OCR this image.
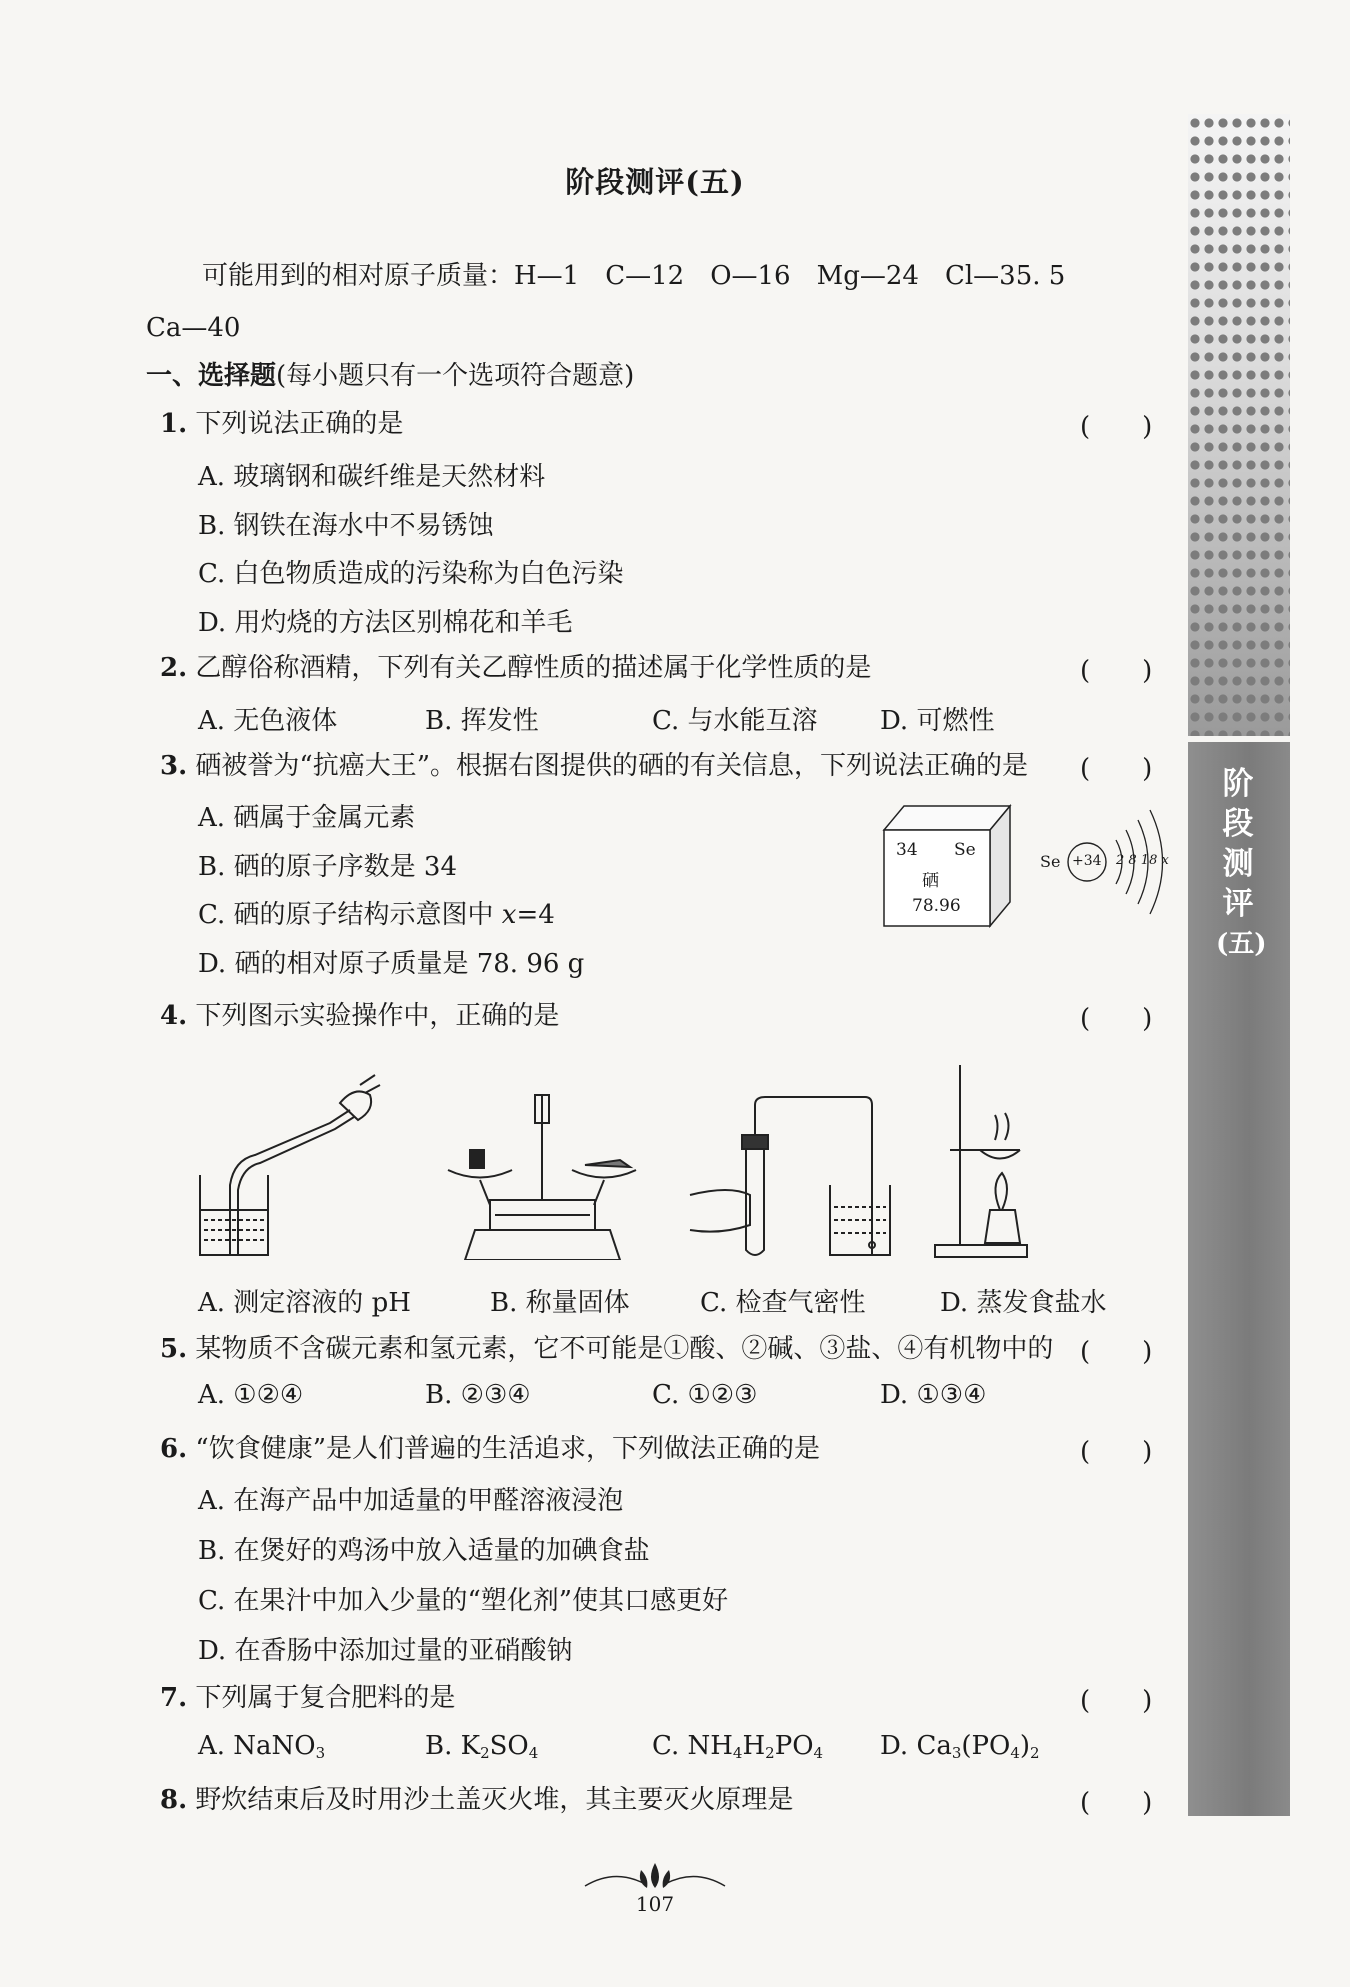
阶段测评(五)
可能用到的相对原子质量：H—1　C—12　O—16　Mg—24　Cl—35. 5
Ca—40
一、选择题(每小题只有一个选项符合题意)
1. 下列说法正确的是	(　　)
A. 玻璃钢和碳纤维是天然材料
B. 钢铁在海水中不易锈蚀
C. 白色物质造成的污染称为白色污染
D. 用灼烧的方法区别棉花和羊毛
2. 乙醇俗称酒精，下列有关乙醇性质的描述属于化学性质的是	(　　)
A. 无色液体	B. 挥发性	C. 与水能互溶 D. 可燃性
3. 硒被誉为“抗癌大王”。根据右图提供的硒的有关信息，下列说法正确的是 (　　)
A. 硒属于金属元素
B. 硒的原子序数是 34
C. 硒的原子结构示意图中 x=4
D. 硒的相对原子质量是 78. 96 g
34 Se
硒
78.96
Se +34 2 8 18 x
4. 下列图示实验操作中，正确的是	(　　)
A. 测定溶液的 pH	B. 称量固体	C. 检查气密性	D. 蒸发食盐水
5. 某物质不含碳元素和氢元素，它不可能是①酸、②碱、③盐、④有机物中的 (　　)
A. ①②④	B. ②③④	C. ①②③	D. ①③④
6. “饮食健康”是人们普遍的生活追求，下列做法正确的是	(　　)
A. 在海产品中加适量的甲醛溶液浸泡
B. 在煲好的鸡汤中放入适量的加碘食盐
C. 在果汁中加入少量的“塑化剂”使其口感更好
D. 在香肠中添加过量的亚硝酸钠
7. 下列属于复合肥料的是	(　　)
A. NaNO$_3$	B. $K_2SO_4$	C. $NH_4H_2PO_4$ D. $Ca_3(PO_4)_2$
8. 野炊结束后及时用沙土盖灭火堆，其主要灭火原理是	(　　)
阶
段
测
评
(五)
107
